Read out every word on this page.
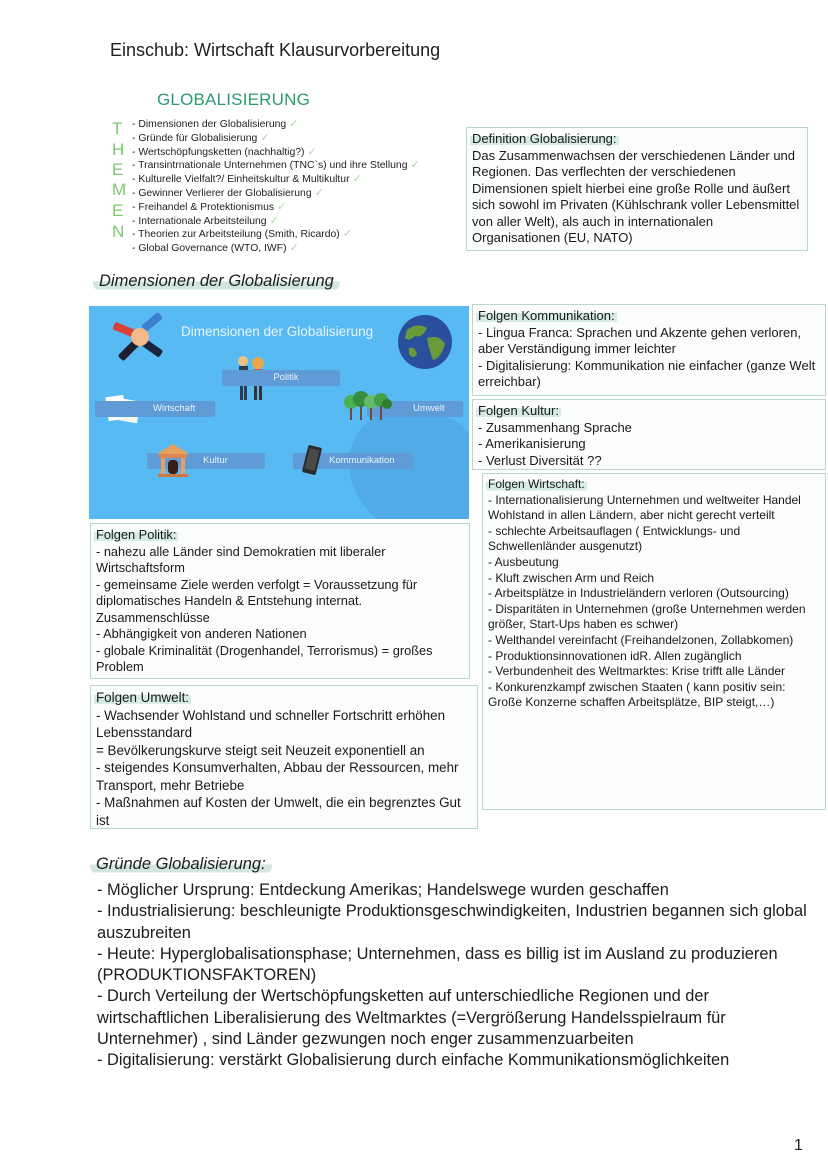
Einschub: Wirtschaft Klausurvorbereitung
GLOBALISIERUNG
T
H
E
M
E
N
- Dimensionen der Globalisierung ✓
- Gründe für Globalisierung ✓
- Wertschöpfungsketten (nachhaltig?) ✓
- Transintrnationale Unternehmen (TNC`s) und ihre Stellung ✓
- Kulturelle Vielfalt?/ Einheitskultur & Multikultur ✓
- Gewinner Verlierer der Globalisierung ✓
- Freihandel & Protektionismus ✓
- Internationale Arbeitsteilung ✓
- Theorien zur Arbeitsteilung (Smith, Ricardo) ✓
- Global Governance (WTO, IWF) ✓

Definition Globalisierung:

Das Zusammenwachsen der verschiedenen Länder und Regionen. Das verflechten der verschiedenen Dimensionen spielt hierbei eine große Rolle und äußert sich sowohl im Privaten (Kühlschrank voller Lebensmittel von aller Welt), als auch in internationalen Organisationen (EU, NATO)

Dimensionen der Globalisierung
Dimensionen der Globalisierung
Politik
Wirtschaft	Umwelt
Kultur	Kommunikation

Folgen Kommunikation:

- Lingua Franca: Sprachen und Akzente gehen verloren, aber Verständigung immer leichter

- Digitalisierung: Kommunikation nie einfacher (ganze Welt erreichbar)

Folgen Kultur:

- Zusammenhang Sprache

- Amerikanisierung

- Verlust Diversität ??

Folgen Wirtschaft:

- Internationalisierung Unternehmen und weltweiter Handel

Wohlstand in allen Ländern, aber nicht gerecht verteilt

- schlechte Arbeitsauflagen ( Entwicklungs- und Schwellenländer ausgenutzt)

- Ausbeutung

- Kluft zwischen Arm und Reich

- Arbeitsplätze in Industrieländern verloren (Outsourcing)

- Disparitäten in Unternehmen (große Unternehmen werden größer, Start-Ups haben es schwer)

- Welthandel vereinfacht (Freihandelzonen, Zollabkomen)

- Produktionsinnovationen idR. Allen zugänglich

- Verbundenheit des Weltmarktes: Krise trifft alle Länder

- Konkurenzkampf zwischen Staaten ( kann positiv sein: Große Konzerne schaffen Arbeitsplätze, BIP steigt,…)

Folgen Politik:

- nahezu alle Länder sind Demokratien mit liberaler Wirtschaftsform

- gemeinsame Ziele werden verfolgt = Voraussetzung für diplomatisches Handeln & Entstehung internat. Zusammenschlüsse

- Abhängigkeit von anderen Nationen

- globale Kriminalität (Drogenhandel, Terrorismus) = großes Problem

Folgen Umwelt:

- Wachsender Wohlstand und schneller Fortschritt erhöhen Lebensstandard

= Bevölkerungskurve steigt seit Neuzeit exponentiell an

- steigendes Konsumverhalten, Abbau der Ressourcen, mehr Transport, mehr Betriebe

- Maßnahmen auf Kosten der Umwelt, die ein begrenztes Gut ist

Gründe Globalisierung:
- Möglicher Ursprung: Entdeckung Amerikas; Handelswege wurden geschaffen
- Industrialisierung: beschleunigte Produktionsgeschwindigkeiten, Industrien begannen sich global auszubreiten
- Heute: Hyperglobalisationsphase; Unternehmen, dass es billig ist im Ausland zu produzieren (PRODUKTIONSFAKTOREN)
- Durch Verteilung der Wertschöpfungsketten auf unterschiedliche Regionen und der wirtschaftlichen Liberalisierung des Weltmarktes (=Vergrößerung Handelsspielraum für Unternehmer) , sind Länder gezwungen noch enger zusammenzuarbeiten
- Digitalisierung: verstärkt Globalisierung durch einfache Kommunikationsmöglichkeiten
1
